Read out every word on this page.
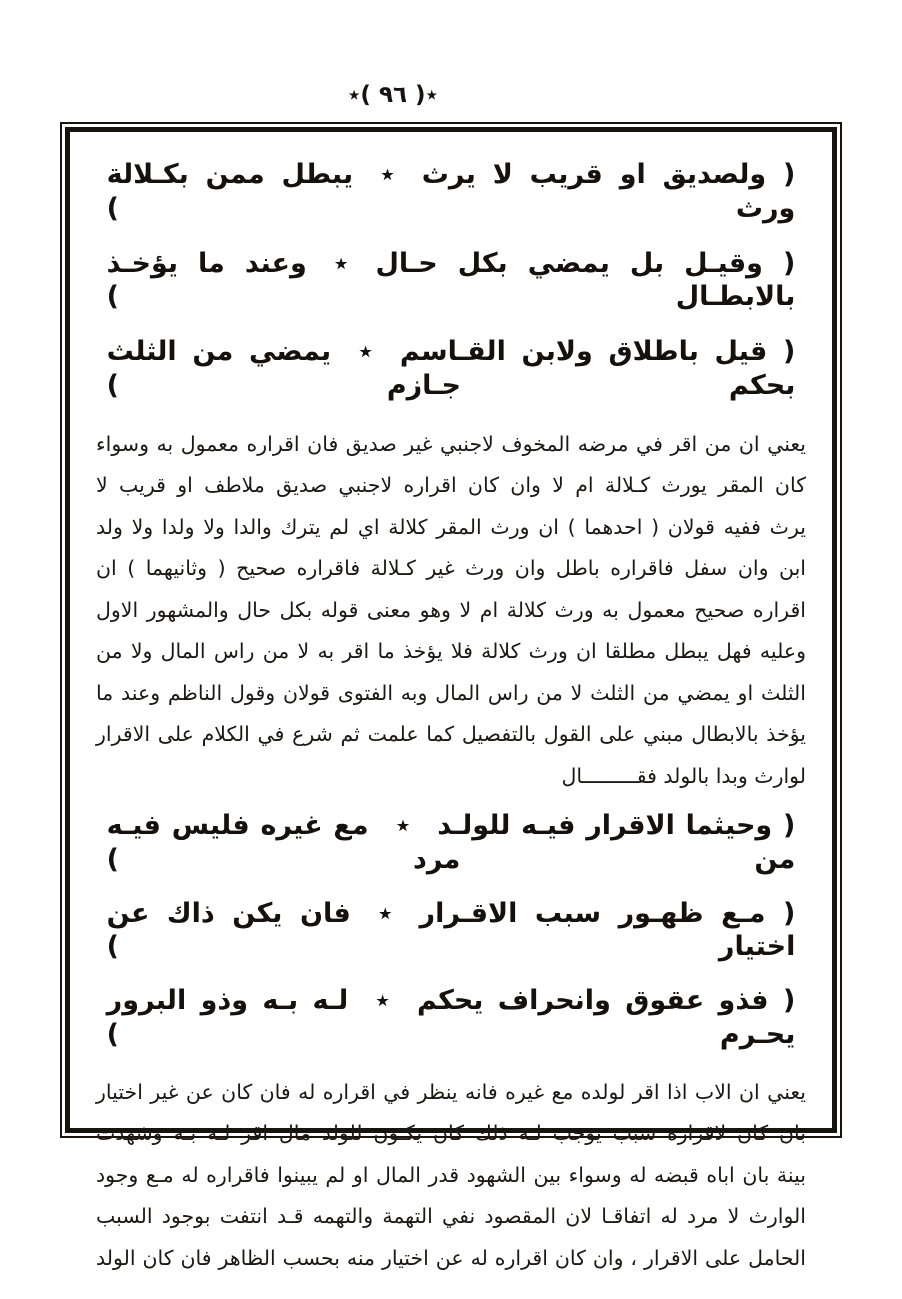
٭( ٩٦ )٭
( ولصديق او قريب لا يرث ٭ يبطل ممن بكـلالة ورث )
( وقيـل بل يمضي بكل حـال ٭ وعند ما يؤخـذ بالابطـال )
( قيل باطلاق ولابن القـاسم ٭ يمضي من الثلث بحكم جـازم )
يعني ان من اقر في مرضه المخوف لاجنبي غير صديق فان اقراره معمول به وسواء
كان المقر يورث كـلالة ام لا وان كان اقراره لاجنبي صديق ملاطف او قريب لا
يرث ففيه قولان ( احدهما ) ان ورث المقر كلالة اي لم يترك والدا ولا ولدا ولا ولد
ابن وان سفل فاقراره باطل وان ورث غير كـلالة فاقراره صحيح ( وثانيهما ) ان
اقراره صحيح معمول به ورث كلالة ام لا وهو معنى قوله بكل حال والمشهور الاول
وعليه فهل يبطل مطلقا ان ورث كلالة فلا يؤخذ ما اقر به لا من راس المال ولا من
الثلث او يمضي من الثلث لا من راس المال وبه الفتوى قولان وقول الناظم وعند ما
يؤخذ بالابطال مبني على القول بالتفصيل كما علمت ثم شرع في الكلام على الاقرار
لوارث وبدا بالولد فقـــــــــال
( وحيثما الاقرار فيـه للولـد ٭ مع غيره فليس فيـه من مرد )
( مـع ظهـور سبب الاقـرار ٭ فان يكن ذاك عن اختيار )
( فذو عقوق وانحراف يحكم ٭ لـه بـه وذو البرور يحـرم )
يعني ان الاب اذا اقر لولده مع غيره فانه ينظر في اقراره له فان كان عن غير اختيار
بان كان لاقراره سبب يوجب لـه ذلك كان يكـون للولد مال اقر لـه بـه وشهدت
بينة بان اباه قبضه له وسواء بين الشهود قدر المال او لم يبينوا فاقراره له مـع وجود
الوارث لا مرد له اتفاقـا لان المقصود نفي التهمة والتهمه قـد انتفت بوجود السبب
الحامل على الاقرار ، وان كان اقراره له عن اختيار منه بحسب الظاهر فان كان الولد
